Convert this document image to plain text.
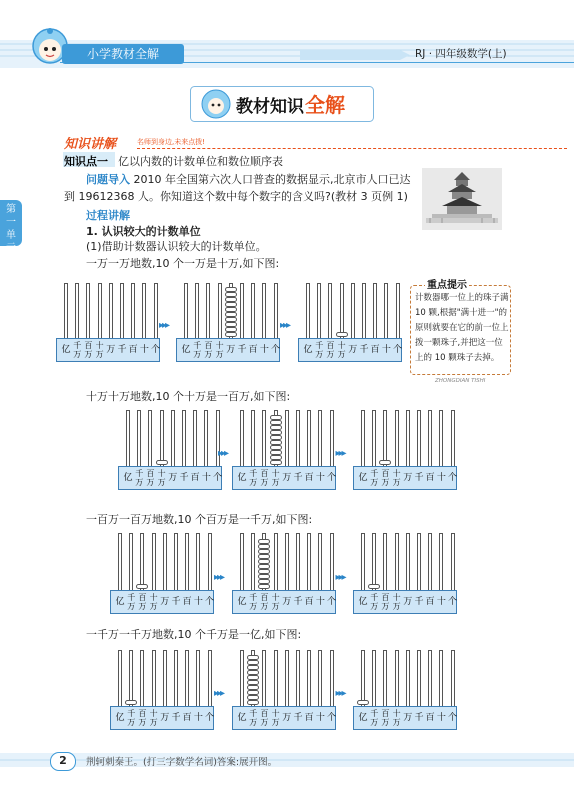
小学教材全解	RJ · 四年级数学(上)
教材知识 全解
知识讲解	名师到身边,未来点拨!
知识点一 亿以内数的计数单位和数位顺序表
第一单元
问题导入 2010 年全国第六次人口普查的数据显示,北京市人口已达
到 19612368 人。你知道这个数中每个数字的含义吗?(教材 3 页例 1)
过程讲解
1. 认识较大的计数单位
(1)借助计数器认识较大的计数单位。
一万一万地数,10 个一万是十万,如下图:
十万十万地数,10 个十万是一百万,如下图:
一百万一百万地数,10 个百万是一千万,如下图:
一千万一千万地数,10 个千万是一亿,如下图:
亿 千万
百万
十万 万 千 百 十 个
▸▸▸
亿 千万
百万
十万 万 千 百 十 个
▸▸▸
亿 千万
百万
十万 万 千 百 十 个
亿 千万
百万
十万 万 千 百 十 个
▸▸▸
亿 千万
百万
十万 万 千 百 十 个
▸▸▸
亿 千万
百万
十万 万 千 百 十 个
亿 千万
百万
十万 万 千 百 十 个
▸▸▸
亿 千万
百万
十万 万 千 百 十 个
▸▸▸
亿 千万
百万
十万 万 千 百 十 个
亿 千万
百万
十万 万 千 百 十 个
▸▸▸
亿 千万
百万
十万 万 千 百 十 个
▸▸▸
亿 千万
百万
十万 万 千 百 十 个
重点提示
计数器哪一位上的珠子满 10 颗,根据"满十进一"的原则就要在它的前一位上拨一颗珠子,并把这一位上的 10 颗珠子去掉。
ZHONGDIAN TISHI
2	荆轲刺秦王。(打三字数学名词)答案:展开图。
